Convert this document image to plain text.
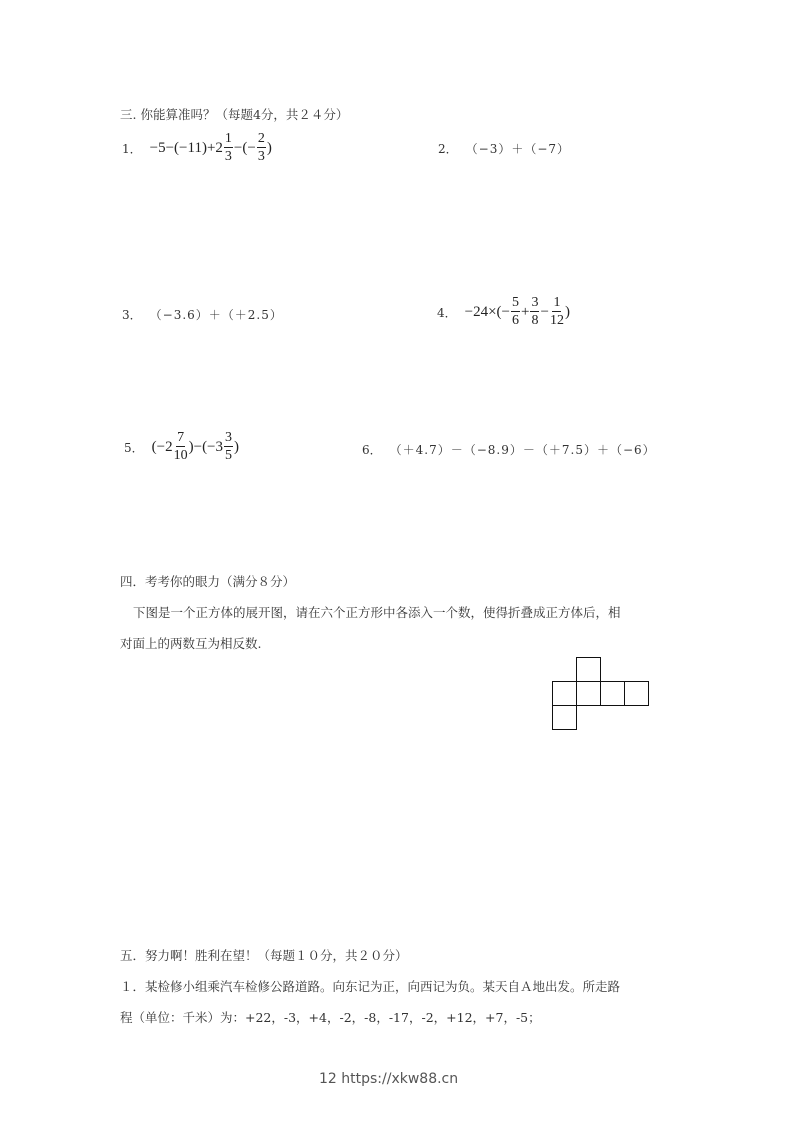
三. 你能算准吗？（每题4分，共２４分）
1． $-5-(-11)+2 \frac{1}{3}$ −(− $\frac{2}{3}$ )	2． （−3）＋（−7）
3． （−3.6）＋（＋2.5）	4． $-24\times(- \frac{5}{6} + \frac{3}{8} - \frac{1}{12}$ )
5． $(-2 \frac{7}{10} )-(-3 \frac{3}{5}$ )	6． （＋4.7）－（−8.9）－（＋7.5）＋（−6）
四．考考你的眼力（满分８分）
下图是一个正方体的展开图，请在六个正方形中各添入一个数，使得折叠成正方体后，相
对面上的两数互为相反数.
五．努力啊！胜利在望！（每题１０分，共２０分）
１．某检修小组乘汽车检修公路道路。向东记为正，向西记为负。某天自Ａ地出发。所走路
程（单位：千米）为：+22，-3，+4，-2，-8，-17，-2，+12，+7，-5；
12 https://xkw88.cn
